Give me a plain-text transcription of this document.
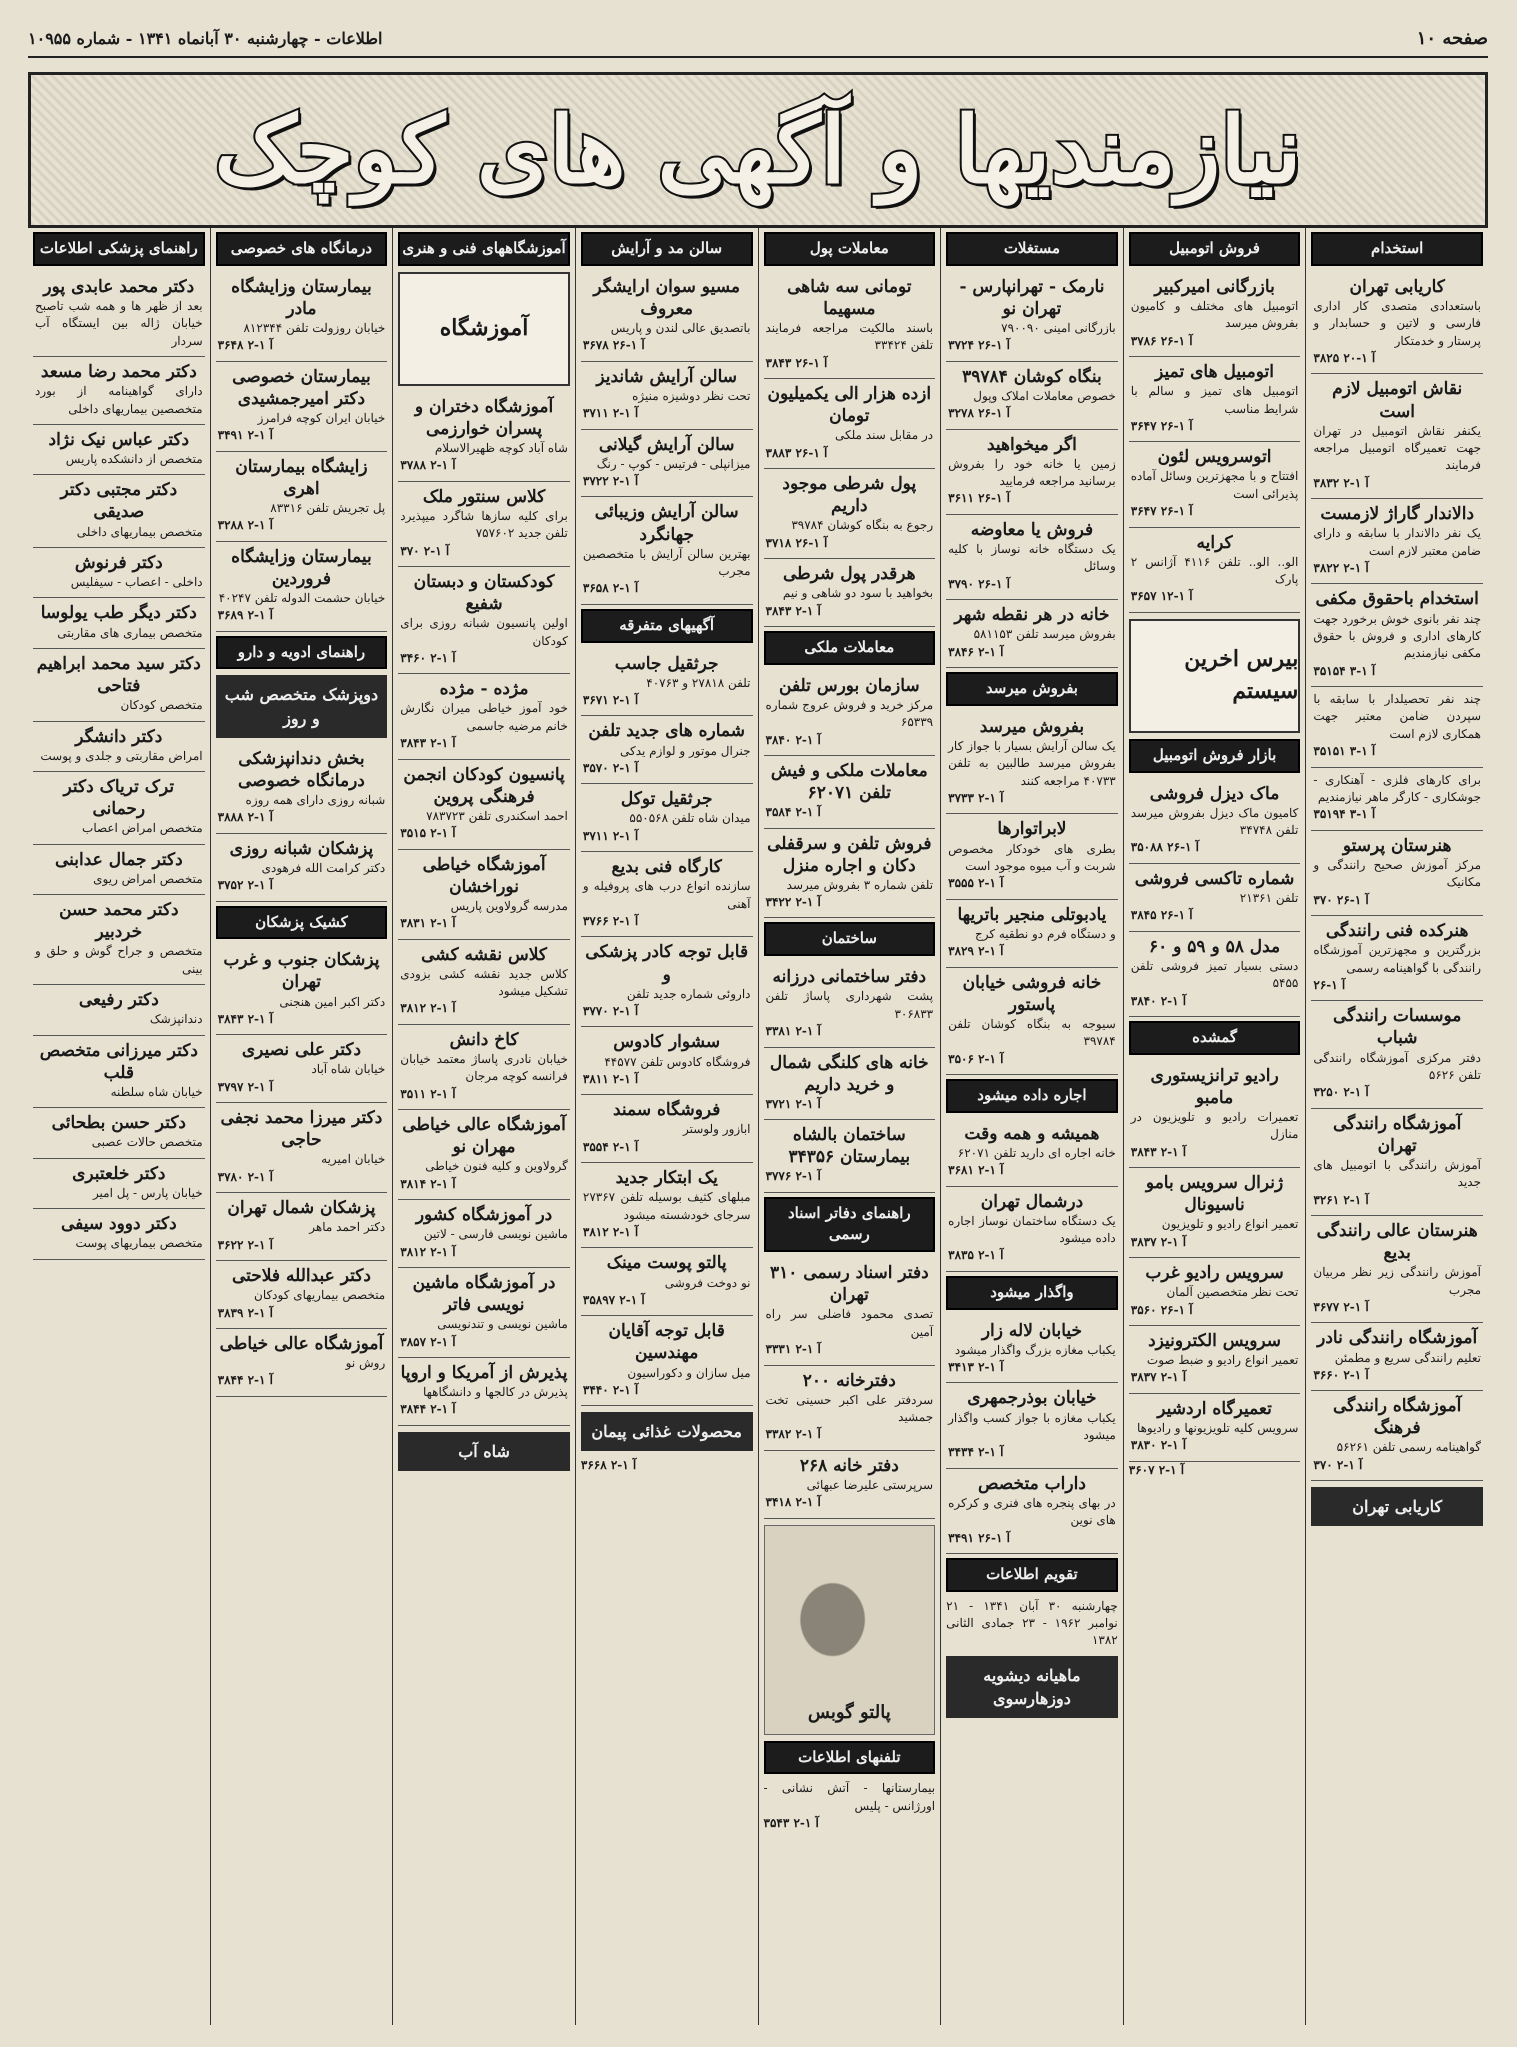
صفحه ۱۰
اطلاعات - چهارشنبه ۳۰ آبانماه ۱۳۴۱ - شماره ۱۰۹۵۵
نیازمندیها و آگهی های کوچک
استخدام
کاریابی تهران
باستعدادی متصدی کار اداری فارسی و لاتین و حسابدار و پرستار و خدمتکار
آ ۱-۲۰ ۳۸۲۵
نقاش اتومبیل لازم است
یکنفر نقاش اتومبیل در تهران جهت تعمیرگاه اتومبیل مراجعه فرمایند
آ ۱-۲ ۳۸۳۲
دالاندار گاراژ لازمست
یک نفر دالاندار با سابقه و دارای ضامن معتبر لازم است
آ ۱-۲ ۳۸۲۲
استخدام باحقوق مکفی
چند نفر بانوی خوش برخورد جهت کارهای اداری و فروش با حقوق مکفی نیازمندیم
آ ۱-۳ ۳۵۱۵۴
چند نفر تحصیلدار با سابقه با سپردن ضامن معتبر جهت همکاری لازم است
آ ۱-۳ ۳۵۱۵۱
برای کارهای فلزی - آهنکاری - جوشکاری - کارگر ماهر نیازمندیم
آ ۱-۳ ۳۵۱۹۴
هنرستان پرستو
مرکز آموزش صحیح رانندگی و مکانیک
آ ۱-۲۶ ۳۷۰
هنرکده فنی رانندگی
بزرگترین و مجهزترین آموزشگاه رانندگی با گواهینامه رسمی
آ ۱-۲۶
موسسات رانندگی شباب
دفتر مرکزی آموزشگاه رانندگی تلفن ۵۶۲۶
آ ۱-۲ ۳۲۵۰
آموزشگاه رانندگی تهران
آموزش رانندگی با اتومبیل های جدید
آ ۱-۲ ۳۲۶۱
هنرستان عالی رانندگی بدیع
آموزش رانندگی زیر نظر مربیان مجرب
آ ۱-۲ ۳۶۷۷
آموزشگاه رانندگی نادر
تعلیم رانندگی سریع و مطمئن
آ ۱-۲ ۳۶۶۰
آموزشگاه رانندگی فرهنگ
گواهینامه رسمی تلفن ۵۶۲۶۱
آ ۱-۲ ۳۷۰
کاریابی تهران
فروش اتومبیل
بازرگانی امیرکبیر
اتومبیل های مختلف و کامیون بفروش میرسد
آ ۱-۲۶ ۳۷۸۶
اتومبیل های تمیز
اتومبیل های تمیز و سالم با شرایط مناسب
آ ۱-۲۶ ۳۶۴۷
اتوسرویس لئون
افتتاح و با مجهزترین وسائل آماده پذیرائی است
آ ۱-۲۶ ۳۶۴۷
کرایه
الو.. الو.. تلفن ۴۱۱۶ آژانس ۲ پارک
آ ۱-۱۲ ۳۶۵۷
بیرس اخرین سیستم
بازار فروش اتومبیل
ماک دیزل فروشی
کامیون ماک دیزل بفروش میرسد تلفن ۳۴۷۴۸
آ ۱-۲۶ ۳۵۰۸۸
شماره تاکسی فروشی
تلفن ۲۱۳۶۱
آ ۱-۲۶ ۳۸۴۵
مدل ۵۸ و ۵۹ و ۶۰
دستی بسیار تمیز فروشی تلفن ۵۴۵۵
آ ۱-۲ ۳۸۴۰
گمشده
رادیو ترانزیستوری مامبو
تعمیرات رادیو و تلویزیون در منازل
آ ۱-۲ ۳۸۴۳
ژنرال سرویس بامو ناسیونال
تعمیر انواع رادیو و تلویزیون
آ ۱-۲ ۳۸۳۷
سرویس رادیو غرب
تحت نظر متخصصین آلمان
آ ۱-۲۶ ۳۵۶۰
سرویس الکترونیزد
تعمیر انواع رادیو و ضبط صوت
آ ۱-۲ ۳۸۳۷
تعمیرگاه اردشیر
سرویس کلیه تلویزیونها و رادیوها
آ ۱-۲ ۳۸۳۰
آ ۱-۲ ۳۶۰۷
مستغلات
نارمک - تهرانپارس - تهران نو
بازرگانی امینی ۷۹۰۰۹۰
آ ۱-۲۶ ۳۷۲۴
بنگاه کوشان ۳۹۷۸۴
خصوص معاملات املاک وپول
آ ۱-۲۶ ۳۲۷۸
اگر میخواهید
زمین یا خانه خود را بفروش برسانید مراجعه فرمایید
آ ۱-۲۶ ۳۶۱۱
فروش یا معاوضه
یک دستگاه خانه نوساز با کلیه وسائل
آ ۱-۲۶ ۳۷۹۰
خانه در هر نقطه شهر
بفروش میرسد تلفن ۵۸۱۱۵۳
آ ۱-۲ ۳۸۴۶
بفروش میرسد
بفروش میرسد
یک سالن آرایش بسیار با جواز کار بفروش میرسد طالبین به تلفن ۴۰۷۳۳ مراجعه کنند
آ ۱-۲ ۳۷۳۳
لابراتوارها
بطری های خودکار مخصوص شربت و آب میوه موجود است
آ ۱-۲ ۳۵۵۵
یادبوتلی منجیر باتریها
و دستگاه فرم دو نطقیه کرج
آ ۱-۲ ۳۸۲۹
خانه فروشی خیابان پاستور
سیوجه به بنگاه کوشان تلفن ۳۹۷۸۴
آ ۱-۲ ۳۵۰۶
اجاره داده میشود
همیشه و همه وقت
خانه اجاره ای دارید تلفن ۶۲۰۷۱
آ ۱-۲ ۳۶۸۱
درشمال تهران
یک دستگاه ساختمان نوساز اجاره داده میشود
آ ۱-۲ ۳۸۳۵
واگذار میشود
خیابان لاله زار
یکباب مغازه بزرگ واگذار میشود
آ ۱-۲ ۳۴۱۳
خیابان بوذرجمهری
یکباب مغازه با جواز کسب واگذار میشود
آ ۱-۲ ۳۴۳۴
داراب متخصص
در بهای پنجره های فنری و کرکره های نوین
آ ۱-۲۶ ۳۴۹۱
تقویم اطلاعات
چهارشنبه ۳۰ آبان ۱۳۴۱ - ۲۱ نوامبر ۱۹۶۲ - ۲۳ جمادی الثانی ۱۳۸۲
ماهیانه دیشویه دوزهارسوی
معاملات پول
تومانی سه شاهی مسهیما
باسند مالکیت مراجعه فرمایند تلفن ۳۳۴۲۴
آ ۱-۲۶ ۳۸۴۳
ازده هزار الی یکمیلیون تومان
در مقابل سند ملکی
آ ۱-۲۶ ۳۸۸۳
پول شرطی موجود داریم
رجوع به بنگاه کوشان ۳۹۷۸۴
آ ۱-۲۶ ۳۷۱۸
هرقدر پول شرطی
بخواهید با سود دو شاهی و نیم
آ ۱-۲ ۳۸۴۳
معاملات ملکی
سازمان بورس تلفن
مرکز خرید و فروش عروج شماره ۶۵۳۳۹
آ ۱-۲ ۳۸۴۰
معاملات ملکی و فیش تلفن ۶۲۰۷۱
آ ۱-۲ ۳۵۸۴
فروش تلفن و سرقفلی دکان و اجاره منزل
تلفن شماره ۳ بفروش میرسد
آ ۱-۲ ۳۴۲۲
ساختمان
دفتر ساختمانی درزانه
پشت شهرداری پاساژ تلفن ۳۰۶۸۳۳
آ ۱-۲ ۳۳۸۱
خانه های کلنگی شمال و خرید داریم
آ ۱-۲ ۳۷۲۱
ساختمان بالشاه بیمارستان ۳۴۳۵۶
آ ۱-۲ ۳۷۷۶
راهنمای دفاتر اسناد رسمی
دفتر اسناد رسمی ۳۱۰ تهران
تصدی محمود فاضلی سر راه آمین
آ ۱-۲ ۳۳۳۱
دفترخانه ۲۰۰
سردفتر علی اکبر حسینی تخت جمشید
آ ۱-۲ ۳۳۸۲
دفتر خانه ۲۶۸
سرپرستی علیرضا عبهائی
آ ۱-۲ ۳۴۱۸
پالتو گوبس
تلفنهای اطلاعات
بیمارستانها - آتش نشانی - اورژانس - پلیس
آ ۱-۲ ۳۵۴۳
سالن مد و آرایش
مسیو سوان ارایشگر معروف
باتصدیق عالی لندن و پاریس
آ ۱-۲۶ ۳۶۷۸
سالن آرایش شاندیز
تحت نظر دوشیزه منیژه
آ ۱-۲ ۳۷۱۱
سالن آرایش گیلانی
میزانپلی - فرتیس - کوپ - رنگ
آ ۱-۲ ۳۷۲۲
سالن آرایش وزیبائی جهانگرد
بهترین سالن آرایش با متخصصین مجرب
آ ۱-۲ ۳۶۵۸
آگهیهای متفرقه
جرثقیل جاسب
تلفن ۲۷۸۱۸ و ۴۰۷۶۳
آ ۱-۲ ۳۶۷۱
شماره های جدید تلفن
جنرال موتور و لوازم یدکی
آ ۱-۲ ۳۵۷۰
جرثقیل توکل
میدان شاه تلفن ۵۵۰۵۶۸
آ ۱-۲ ۳۷۱۱
کارگاه فنی بدیع
سازنده انواع درب های پروفیله و آهنی
آ ۱-۲ ۳۷۶۶
قابل توجه کادر پزشکی و
داروئی شماره جدید تلفن
آ ۱-۲ ۳۷۷۰
سشوار کادوس
فروشگاه کادوس تلفن ۴۴۵۷۷
آ ۱-۲ ۳۸۱۱
فروشگاه سمند
ابازور ولوستر
آ ۱-۲ ۳۵۵۴
یک ابتکار جدید
مبلهای کثیف بوسیله تلفن ۲۷۳۶۷ سرجای خودشسته میشود
آ ۱-۲ ۳۸۱۲
پالتو پوست مینک
نو دوخت فروشی
آ ۱-۲ ۳۵۸۹۷
قابل توجه آقایان مهندسین
میل سازان و دکوراسیون
آ ۱-۲ ۳۴۴۰
محصولات غذائی پیمان
آ ۱-۲ ۳۶۶۸
آموزشگاههای فنی و هنری
آموزشگاه
آموزشگاه دختران و پسران خوارزمی
شاه آباد کوچه ظهیرالاسلام
آ ۱-۲ ۳۷۸۸
کلاس سنتور ملک
برای کلیه سازها شاگرد میپذیرد تلفن جدید ۷۵۷۶۰۲
آ ۱-۲ ۳۷۰
کودکستان و دبستان شفیع
اولین پانسیون شبانه روزی برای کودکان
آ ۱-۲ ۳۴۶۰
مژده - مژده
خود آموز خیاطی میران نگارش خانم مرضیه جاسمی
آ ۱-۲ ۳۸۴۳
پانسیون کودکان انجمن فرهنگی پروین
احمد اسکندری تلفن ۷۸۳۷۲۳
آ ۱-۲ ۳۵۱۵
آموزشگاه خیاطی نوراخشان
مدرسه گرولاوین پاریس
آ ۱-۲ ۳۸۳۱
کلاس نقشه کشی
کلاس جدید نقشه کشی بزودی تشکیل میشود
آ ۱-۲ ۳۸۱۲
کاخ دانش
خیابان نادری پاساژ معتمد خیابان فرانسه کوچه مرجان
آ ۱-۲ ۳۵۱۱
آموزشگاه عالی خیاطی مهران نو
گرولاوین و کلیه فنون خیاطی
آ ۱-۲ ۳۸۱۴
در آموزشگاه کشور
ماشین نویسی فارسی - لاتین
آ ۱-۲ ۳۸۱۲
در آموزشگاه ماشین نویسی فاتر
ماشین نویسی و تندنویسی
آ ۱-۲ ۳۸۵۷
پذیرش از آمریکا و اروپا
پذیرش در کالجها و دانشگاهها
آ ۱-۲ ۳۸۴۴
شاه آب
درمانگاه های خصوصی
بیمارستان وزایشگاه مادر
خیابان روزولت تلفن ۸۱۲۳۴۴
آ ۱-۲ ۳۶۴۸
بیمارستان خصوصی دکتر امیرجمشیدی
خیابان ایران کوچه فرامرز
آ ۱-۲ ۳۴۹۱
زایشگاه بیمارستان اهری
پل تجریش تلفن ۸۳۳۱۶
آ ۱-۲ ۳۲۸۸
بیمارستان وزایشگاه فروردین
خیابان حشمت الدوله تلفن ۴۰۲۴۷
آ ۱-۲ ۳۶۸۹
راهنمای ادویه و دارو
دوپزشک متخصص شب و روز
بخش دندانپزشکی درمانگاه خصوصی
شبانه روزی دارای همه روزه
آ ۱-۲ ۳۸۸۸
پزشکان شبانه روزی
دکتر کرامت الله فرهودی
آ ۱-۲ ۳۷۵۲
کشیک پزشکان
پزشکان جنوب و غرب تهران
دکتر اکبر امین هنجنی
آ ۱-۲ ۳۸۴۳
دکتر علی نصیری
خیابان شاه آباد
آ ۱-۲ ۳۷۹۷
دکتر میرزا محمد نجفی حاجی
خیابان امیریه
آ ۱-۲ ۳۷۸۰
پزشکان شمال تهران
دکتر احمد ماهر
آ ۱-۲ ۳۶۲۲
دکتر عبدالله فلاحتی
متخصص بیماریهای کودکان
آ ۱-۲ ۳۸۳۹
آموزشگاه عالی خیاطی
روش نو
آ ۱-۲ ۳۸۴۴
راهنمای پزشکی اطلاعات
دکتر محمد عابدی پور
بعد از ظهر ها و همه شب تاصبح خیابان ژاله بین ایستگاه آب سردار
دکتر محمد رضا مسعد
دارای گواهینامه از بورد متخصصین بیماریهای داخلی
دکتر عباس نیک نژاد
متخصص از دانشکده پاریس
دکتر مجتبی دکتر صدیقی
متخصص بیماریهای داخلی
دکتر فرنوش
داخلی - اعصاب - سیفلیس
دکتر دیگر طب یولوسا
متخصص بیماری های مقاربتی
دکتر سید محمد ابراهیم فتاحی
متخصص کودکان
دکتر دانشگر
امراض مقاربتی و جلدی و پوست
ترک تریاک دکتر رحمانی
متخصص امراض اعصاب
دکتر جمال عدابنی
متخصص امراض ریوی
دکتر محمد حسن خردبیر
متخصص و جراح گوش و حلق و بینی
دکتر رفیعی
دندانپزشک
دکتر میرزانی متخصص قلب
خیابان شاه سلطنه
دکتر حسن بطحائی
متخصص حالات عصبی
دکتر خلعتبری
خیابان پارس - پل امیر
دکتر دوود سیفی
متخصص بیماریهای پوست
